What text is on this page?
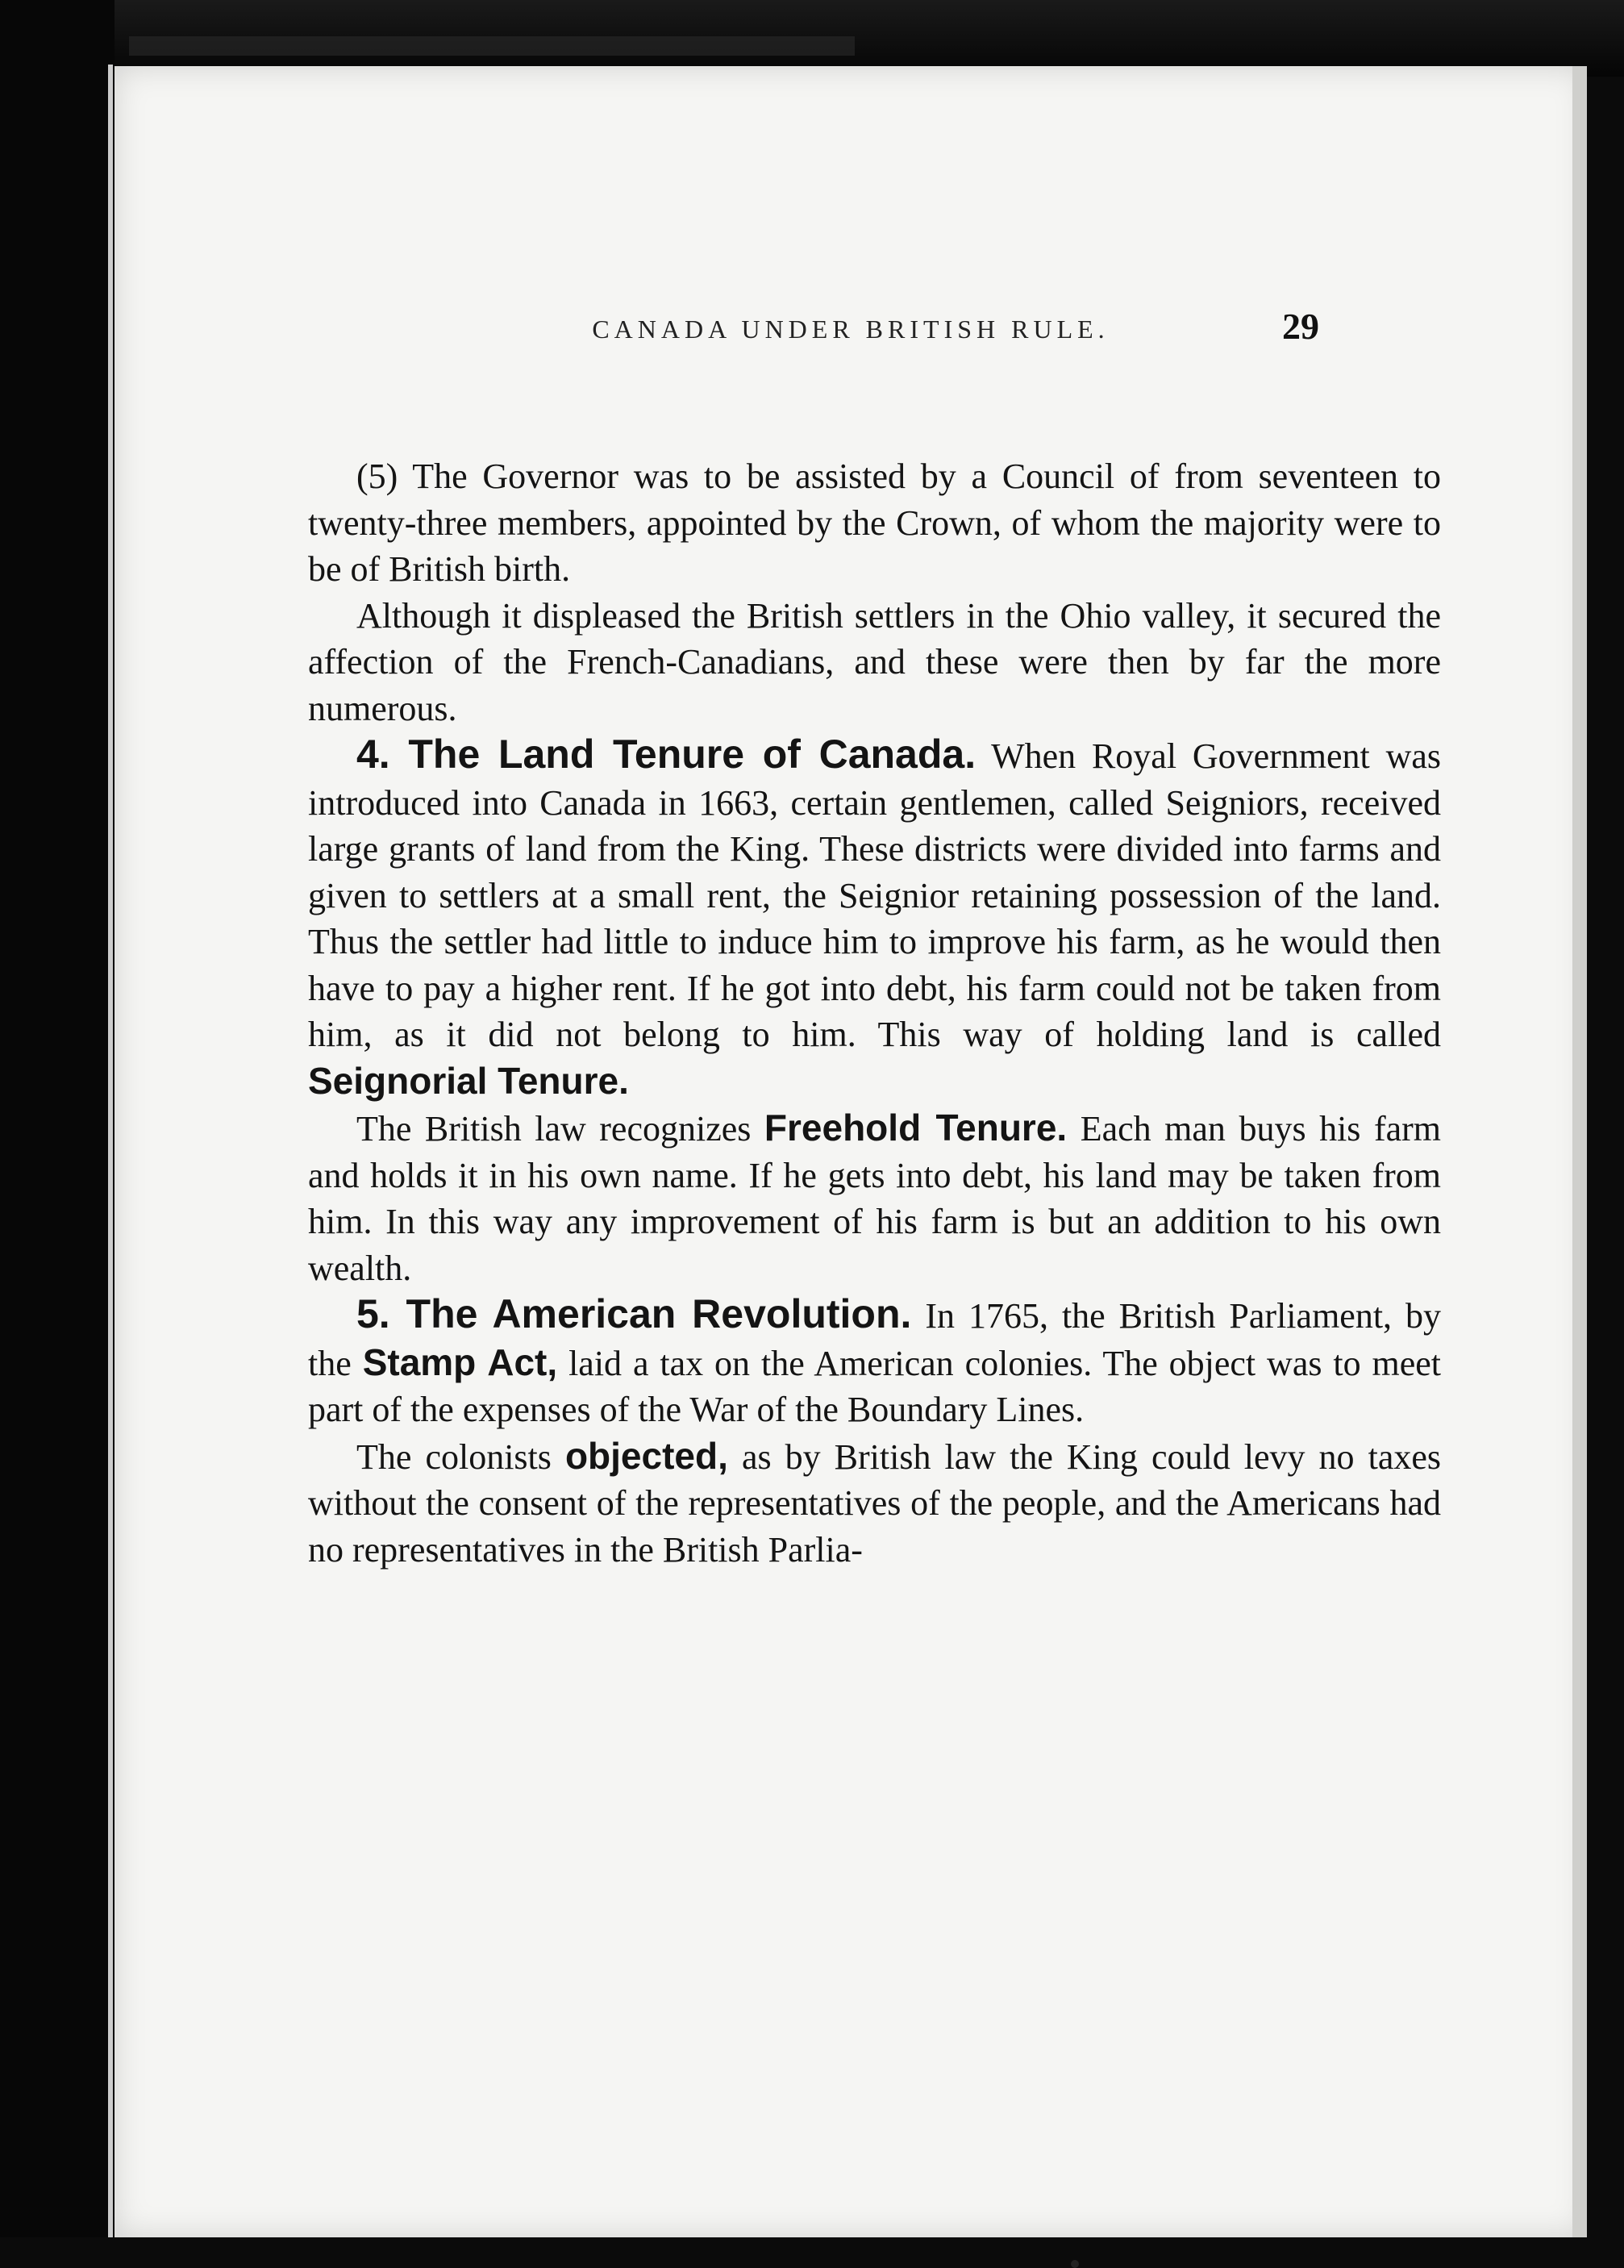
CANADA UNDER BRITISH RULE.	29

(5) The Governor was to be assisted by a Council of from seventeen to twenty-three members, appointed by the Crown, of whom the majority were to be of British birth.

Although it displeased the British settlers in the Ohio valley, it secured the affection of the French-Canadians, and these were then by far the more numerous.

4. The Land Tenure of Canada. When Royal Government was introduced into Canada in 1663, certain gentlemen, called Seigniors, received large grants of land from the King. These districts were divided into farms and given to settlers at a small rent, the Seignior retaining possession of the land. Thus the settler had little to induce him to improve his farm, as he would then have to pay a higher rent. If he got into debt, his farm could not be taken from him, as it did not belong to him. This way of holding land is called Seignorial Tenure.

The British law recognizes Freehold Tenure. Each man buys his farm and holds it in his own name. If he gets into debt, his land may be taken from him. In this way any improvement of his farm is but an addition to his own wealth.

5. The American Revolution. In 1765, the British Parliament, by the Stamp Act, laid a tax on the American colonies. The object was to meet part of the expenses of the War of the Boundary Lines.

The colonists objected, as by British law the King could levy no taxes without the consent of the representatives of the people, and the Americans had no representatives in the British Parlia-
